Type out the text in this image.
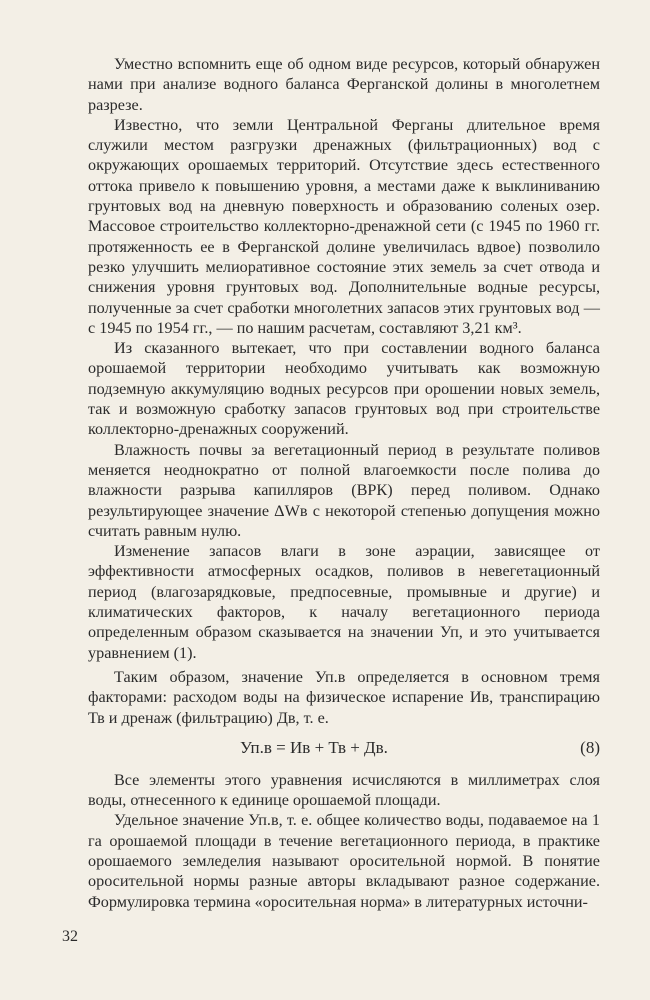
Уместно вспомнить еще об одном виде ресурсов, который обнаружен нами при анализе водного баланса Ферганской долины в многолетнем разрезе.

Известно, что земли Центральной Ферганы длительное время служили местом разгрузки дренажных (фильтрационных) вод с окружающих орошаемых территорий. Отсутствие здесь естественного оттока привело к повышению уровня, а местами даже к выклиниванию грунтовых вод на дневную поверхность и образованию соленых озер. Массовое строительство коллекторно-дренажной сети (с 1945 по 1960 гг. протяженность ее в Ферганской долине увеличилась вдвое) позволило резко улучшить мелиоративное состояние этих земель за счет отвода и снижения уровня грунтовых вод. Дополнительные водные ресурсы, полученные за счет сработки многолетних запасов этих грунтовых вод — с 1945 по 1954 гг., — по нашим расчетам, составляют 3,21 км³.

Из сказанного вытекает, что при составлении водного баланса орошаемой территории необходимо учитывать как возможную подземную аккумуляцию водных ресурсов при орошении новых земель, так и возможную сработку запасов грунтовых вод при строительстве коллекторно-дренажных сооружений.

Влажность почвы за вегетационный период в результате поливов меняется неоднократно от полной влагоемкости после полива до влажности разрыва капилляров (ВРК) перед поливом. Однако результирующее значение ΔWв с некоторой степенью допущения можно считать равным нулю.

Изменение запасов влаги в зоне аэрации, зависящее от эффективности атмосферных осадков, поливов в невегетационный период (влагозарядковые, предпосевные, промывные и другие) и климатических факторов, к началу вегетационного периода определенным образом сказывается на значении Уп, и это учитывается уравнением (1).

Таким образом, значение Уп.в определяется в основном тремя факторами: расходом воды на физическое испарение Ив, транспирацию Тв и дренаж (фильтрацию) Дв, т. е.

Уп.в = Ив + Тв + Дв.	(8)

Все элементы этого уравнения исчисляются в миллиметрах слоя воды, отнесенного к единице орошаемой площади.

Удельное значение Уп.в, т. е. общее количество воды, подаваемое на 1 га орошаемой площади в течение вегетационного периода, в практике орошаемого земледелия называют оросительной нормой. В понятие оросительной нормы разные авторы вкладывают разное содержание. Формулировка термина «оросительная норма» в литературных источни-

32
